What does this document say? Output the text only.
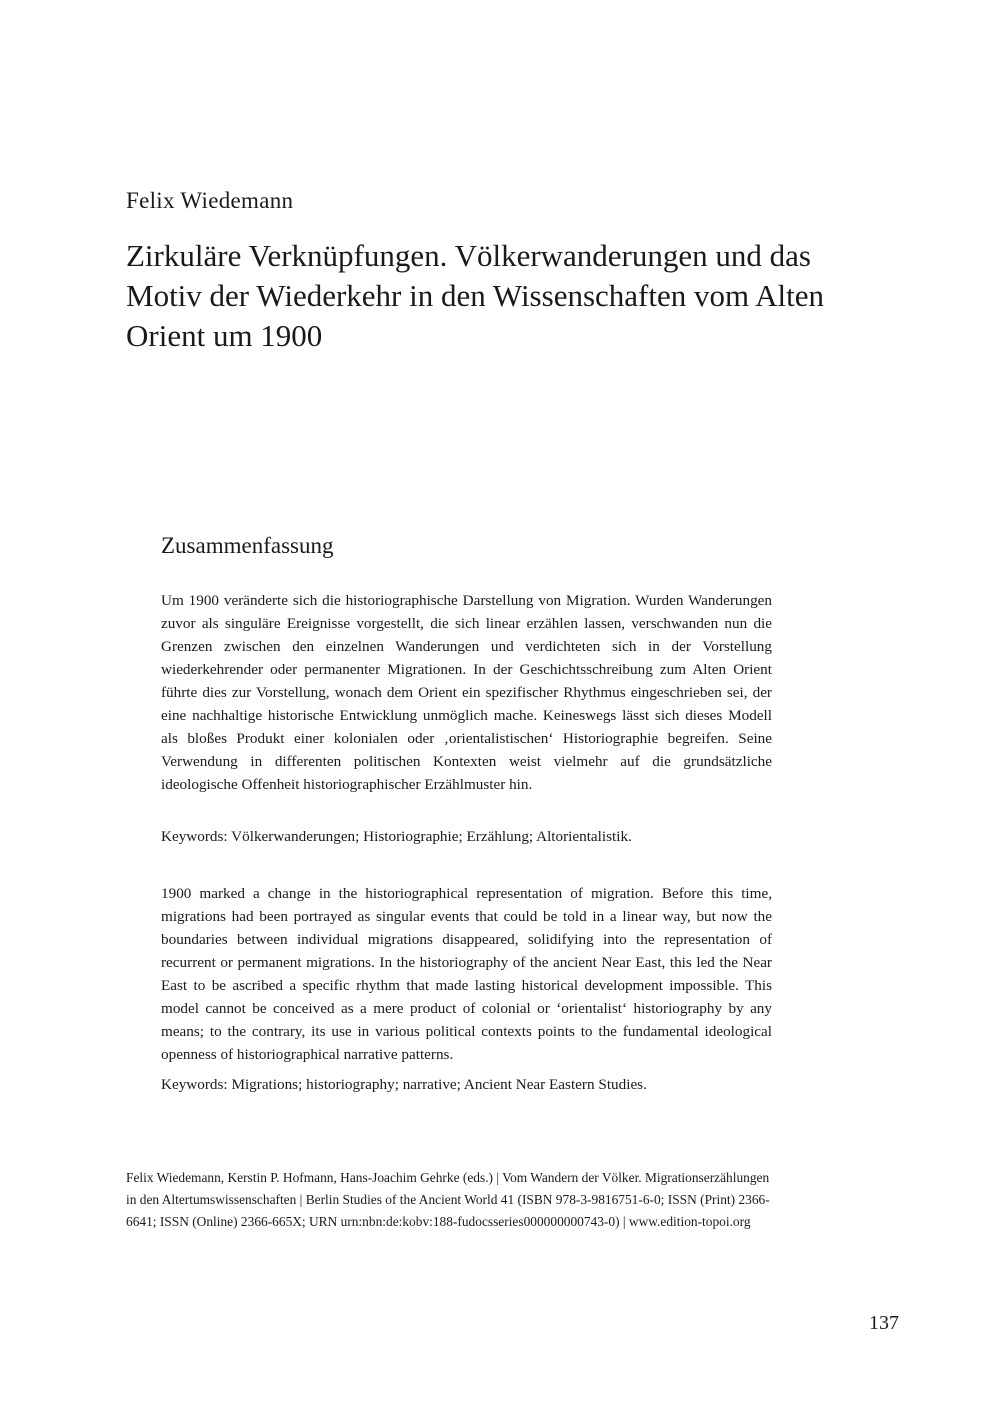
Felix Wiedemann

Zirkuläre Verknüpfungen. Völkerwanderungen und das Motiv der Wiederkehr in den Wissenschaften vom Alten Orient um 1900
Zusammenfassung

Um 1900 veränderte sich die historiographische Darstellung von Migration. Wurden Wanderungen zuvor als singuläre Ereignisse vorgestellt, die sich linear erzählen lassen, verschwanden nun die Grenzen zwischen den einzelnen Wanderungen und verdichteten sich in der Vorstellung wiederkehrender oder permanenter Migrationen. In der Geschichtsschreibung zum Alten Orient führte dies zur Vorstellung, wonach dem Orient ein spezifischer Rhythmus eingeschrieben sei, der eine nachhaltige historische Entwicklung unmöglich mache. Keineswegs lässt sich dieses Modell als bloßes Produkt einer kolonialen oder ‚orientalistischen‘ Historiographie begreifen. Seine Verwendung in differenten politischen Kontexten weist vielmehr auf die grundsätzliche ideologische Offenheit historiographischer Erzählmuster hin.

Keywords: Völkerwanderungen; Historiographie; Erzählung; Altorientalistik.

1900 marked a change in the historiographical representation of migration. Before this time, migrations had been portrayed as singular events that could be told in a linear way, but now the boundaries between individual migrations disappeared, solidifying into the representation of recurrent or permanent migrations. In the historiography of the ancient Near East, this led the Near East to be ascribed a specific rhythm that made lasting historical development impossible. This model cannot be conceived as a mere product of colonial or ‘orientalist‘ historiography by any means; to the contrary, its use in various political contexts points to the fundamental ideological openness of historiographical narrative patterns.

Keywords: Migrations; historiography; narrative; Ancient Near Eastern Studies.

Felix Wiedemann, Kerstin P. Hofmann, Hans-Joachim Gehrke (eds.) | Vom Wandern der Völker. Migrationserzählungen in den Altertumswissenschaften | Berlin Studies of the Ancient World 41 (ISBN 978-3-9816751-6-0; ISSN (Print) 2366-6641; ISSN (Online) 2366-665X; URN urn:nbn:de:kobv:188-fudocsseries000000000743-0) | www.edition-topoi.org

137
